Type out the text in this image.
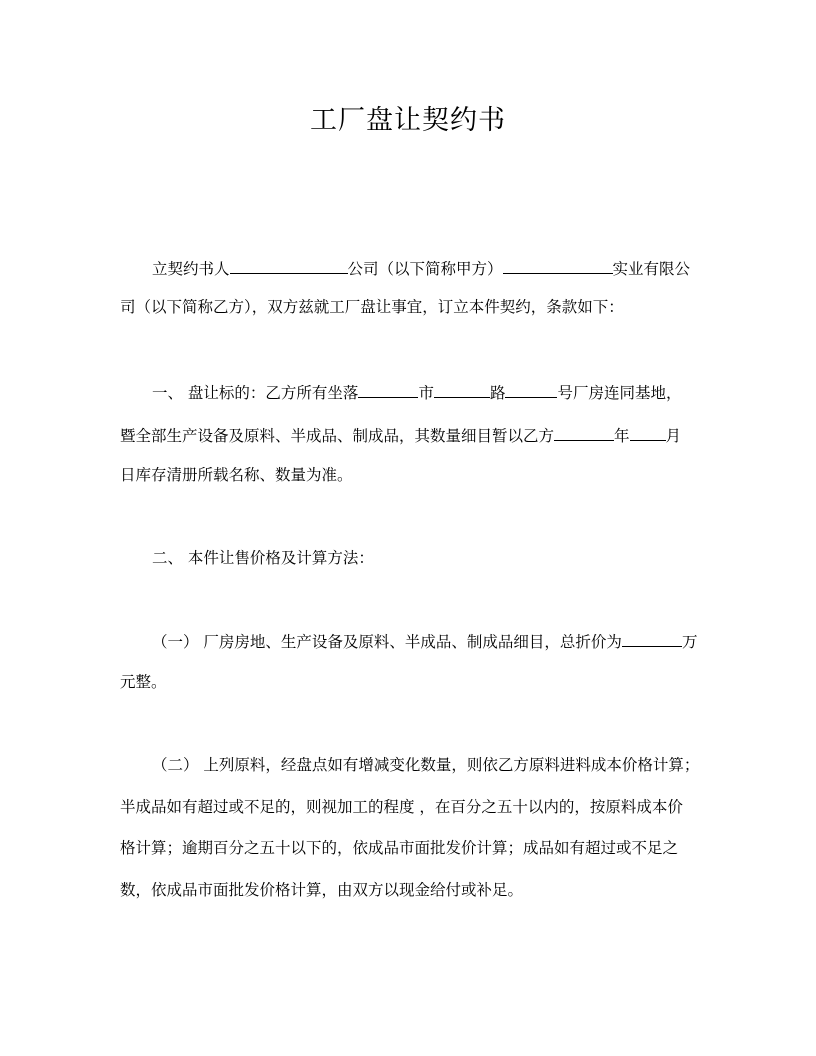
工厂盘让契约书
立契约书人	公司（以下简称甲方）	实业有限公
司（以下简称乙方），双方兹就工厂盘让事宜，订立本件契约，条款如下：
一、 盘让标的：乙方所有坐落	市	路	号厂房连同基地，
暨全部生产设备及原料、半成品、制成品，其数量细目暂以乙方	年 月
日库存清册所载名称、数量为准。
二、 本件让售价格及计算方法：
（一） 厂房房地、生产设备及原料、半成品、制成品细目，总折价为	万
元整。
（二） 上列原料，经盘点如有增减变化数量，则依乙方原料进料成本价格计算；
半成品如有超过或不足的，则视加工的程度 ，在百分之五十以内的，按原料成本价
格计算；逾期百分之五十以下的，依成品市面批发价计算；成品如有超过或不足之
数，依成品市面批发价格计算，由双方以现金给付或补足。
